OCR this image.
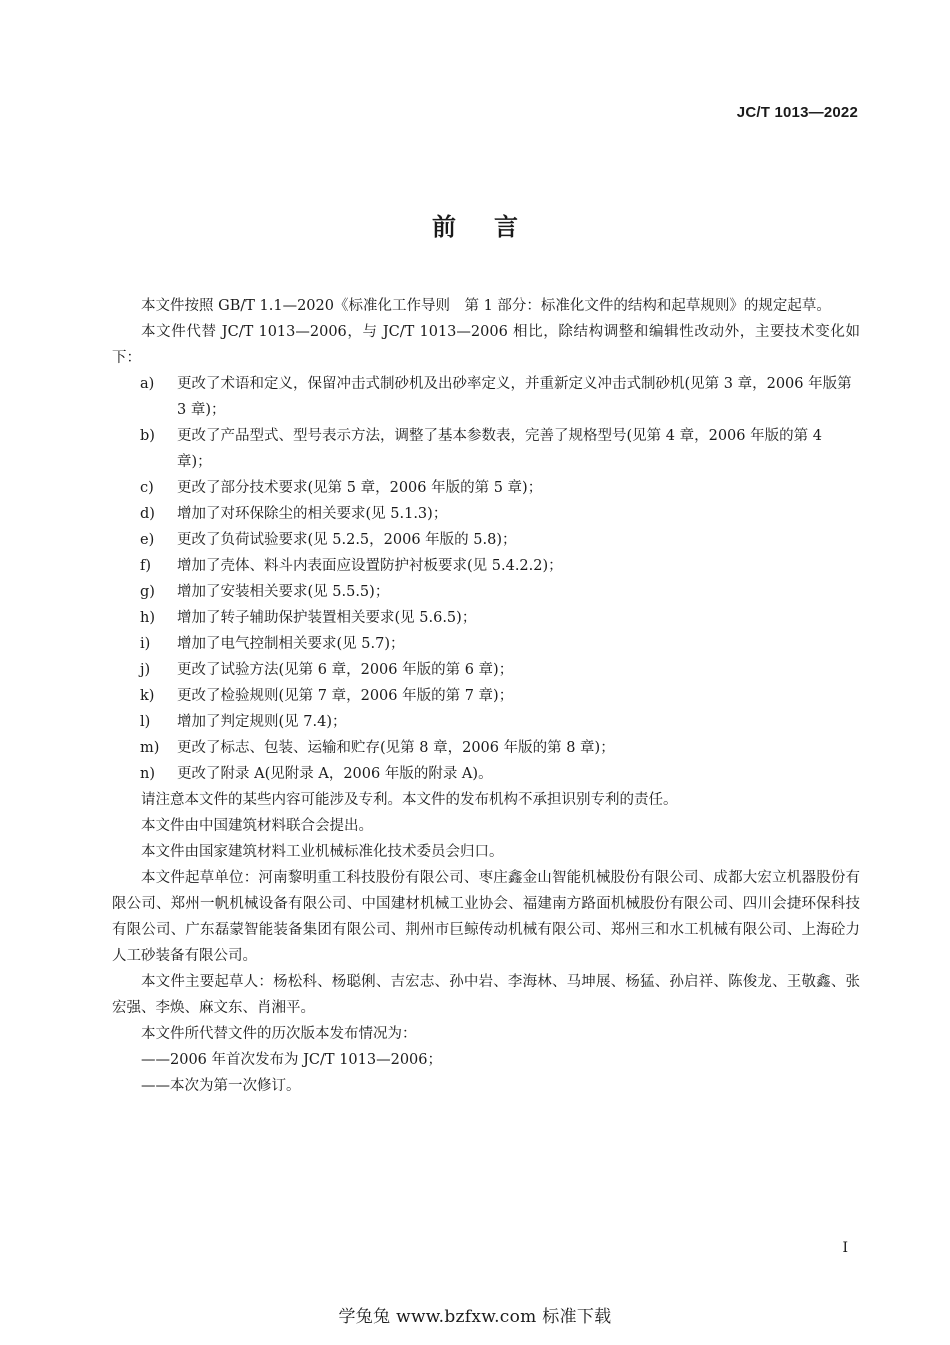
JC/T 1013—2022
前言

本文件按照 GB/T 1.1—2020《标准化工作导则　第 1 部分：标准化文件的结构和起草规则》的规定起草。

本文件代替 JC/T 1013—2006，与 JC/T 1013—2006 相比，除结构调整和编辑性改动外，主要技术变化如下：

a)	更改了术语和定义，保留冲击式制砂机及出砂率定义，并重新定义冲击式制砂机(见第 3 章，2006 年版第 3 章)；
b)	更改了产品型式、型号表示方法，调整了基本参数表，完善了规格型号(见第 4 章，2006 年版的第 4 章)；
c)	更改了部分技术要求(见第 5 章，2006 年版的第 5 章)；
d)	增加了对环保除尘的相关要求(见 5.1.3)；
e)	更改了负荷试验要求(见 5.2.5，2006 年版的 5.8)；
f)	增加了壳体、料斗内表面应设置防护衬板要求(见 5.4.2.2)；
g)	增加了安装相关要求(见 5.5.5)；
h)	增加了转子辅助保护装置相关要求(见 5.6.5)；
i)	增加了电气控制相关要求(见 5.7)；
j)	更改了试验方法(见第 6 章，2006 年版的第 6 章)；
k)	更改了检验规则(见第 7 章，2006 年版的第 7 章)；
l)	增加了判定规则(见 7.4)；
m)	更改了标志、包装、运输和贮存(见第 8 章，2006 年版的第 8 章)；
n)	更改了附录 A(见附录 A，2006 年版的附录 A)。

请注意本文件的某些内容可能涉及专利。本文件的发布机构不承担识别专利的责任。

本文件由中国建筑材料联合会提出。

本文件由国家建筑材料工业机械标准化技术委员会归口。

本文件起草单位：河南黎明重工科技股份有限公司、枣庄鑫金山智能机械股份有限公司、成都大宏立机器股份有限公司、郑州一帆机械设备有限公司、中国建材机械工业协会、福建南方路面机械股份有限公司、四川会捷环保科技有限公司、广东磊蒙智能装备集团有限公司、荆州市巨鲸传动机械有限公司、郑州三和水工机械有限公司、上海砼力人工砂装备有限公司。

本文件主要起草人：杨松科、杨聪俐、吉宏志、孙中岩、李海林、马坤展、杨猛、孙启祥、陈俊龙、王敬鑫、张宏强、李焕、麻文东、肖湘平。

本文件所代替文件的历次版本发布情况为：

——2006 年首次发布为 JC/T 1013—2006；

——本次为第一次修订。

I
学兔兔 www.bzfxw.com 标准下载
